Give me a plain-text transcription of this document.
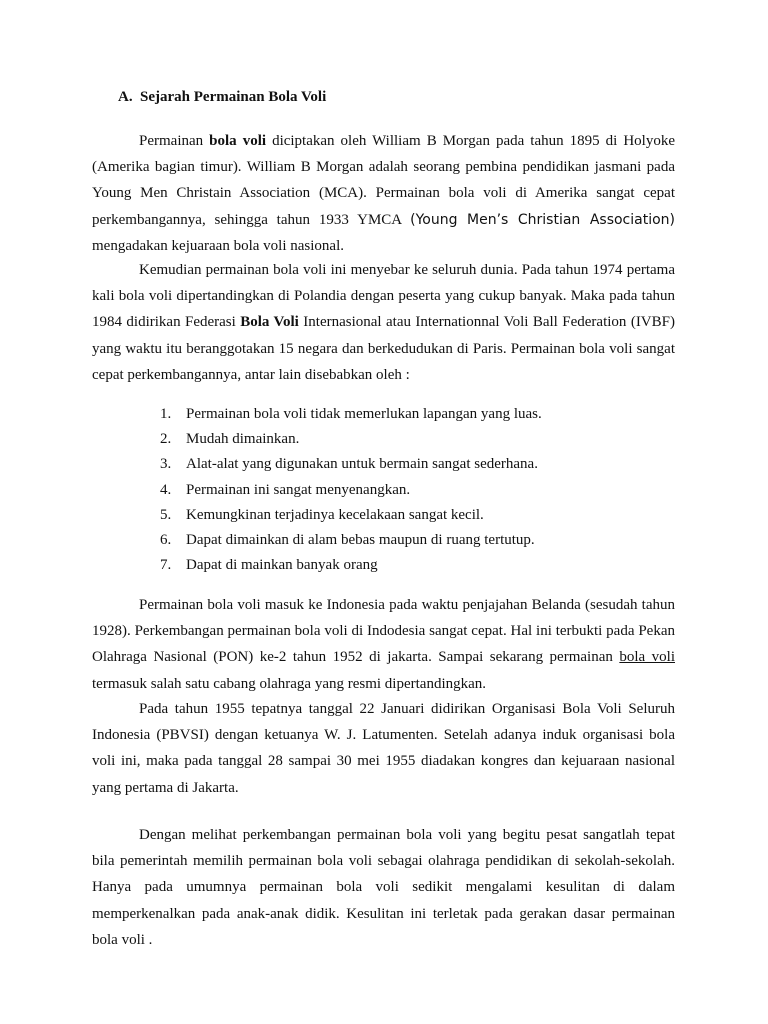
A. Sejarah Permainan Bola Voli

Permainan bola voli diciptakan oleh William B Morgan pada tahun 1895 di Holyoke (Amerika bagian timur). William B Morgan adalah seorang pembina pendidikan jasmani pada Young Men Christain Association (MCA). Permainan bola voli di Amerika sangat cepat perkembangannya, sehingga tahun 1933 YMCA (Young Men’s Christian Association) mengadakan kejuaraan bola voli nasional.

Kemudian permainan bola voli ini menyebar ke seluruh dunia. Pada tahun 1974 pertama kali bola voli dipertandingkan di Polandia dengan peserta yang cukup banyak. Maka pada tahun 1984 didirikan Federasi Bola Voli Internasional atau Internationnal Voli Ball Federation (IVBF) yang waktu itu beranggotakan 15 negara dan berkedudukan di Paris. Permainan bola voli sangat cepat perkembangannya, antar lain disebabkan oleh :

1. Permainan bola voli tidak memerlukan lapangan yang luas.
2. Mudah dimainkan.
3. Alat-alat yang digunakan untuk bermain sangat sederhana.
4. Permainan ini sangat menyenangkan.
5. Kemungkinan terjadinya kecelakaan sangat kecil.
6. Dapat dimainkan di alam bebas maupun di ruang tertutup.
7. Dapat di mainkan banyak orang

Permainan bola voli masuk ke Indonesia pada waktu penjajahan Belanda (sesudah tahun 1928). Perkembangan permainan bola voli di Indodesia sangat cepat. Hal ini terbukti pada Pekan Olahraga Nasional (PON) ke-2 tahun 1952 di jakarta. Sampai sekarang permainan bola voli termasuk salah satu cabang olahraga yang resmi dipertandingkan.

Pada tahun 1955 tepatnya tanggal 22 Januari didirikan Organisasi Bola Voli Seluruh Indonesia (PBVSI) dengan ketuanya W. J. Latumenten. Setelah adanya induk organisasi bola voli ini, maka pada tanggal 28 sampai 30 mei 1955 diadakan kongres dan kejuaraan nasional yang pertama di Jakarta.

Dengan melihat perkembangan permainan bola voli yang begitu pesat sangatlah tepat bila pemerintah memilih permainan bola voli sebagai olahraga pendidikan di sekolah-sekolah. Hanya pada umumnya permainan bola voli sedikit mengalami kesulitan di dalam memperkenalkan pada anak-anak didik. Kesulitan ini terletak pada gerakan dasar permainan bola voli .
